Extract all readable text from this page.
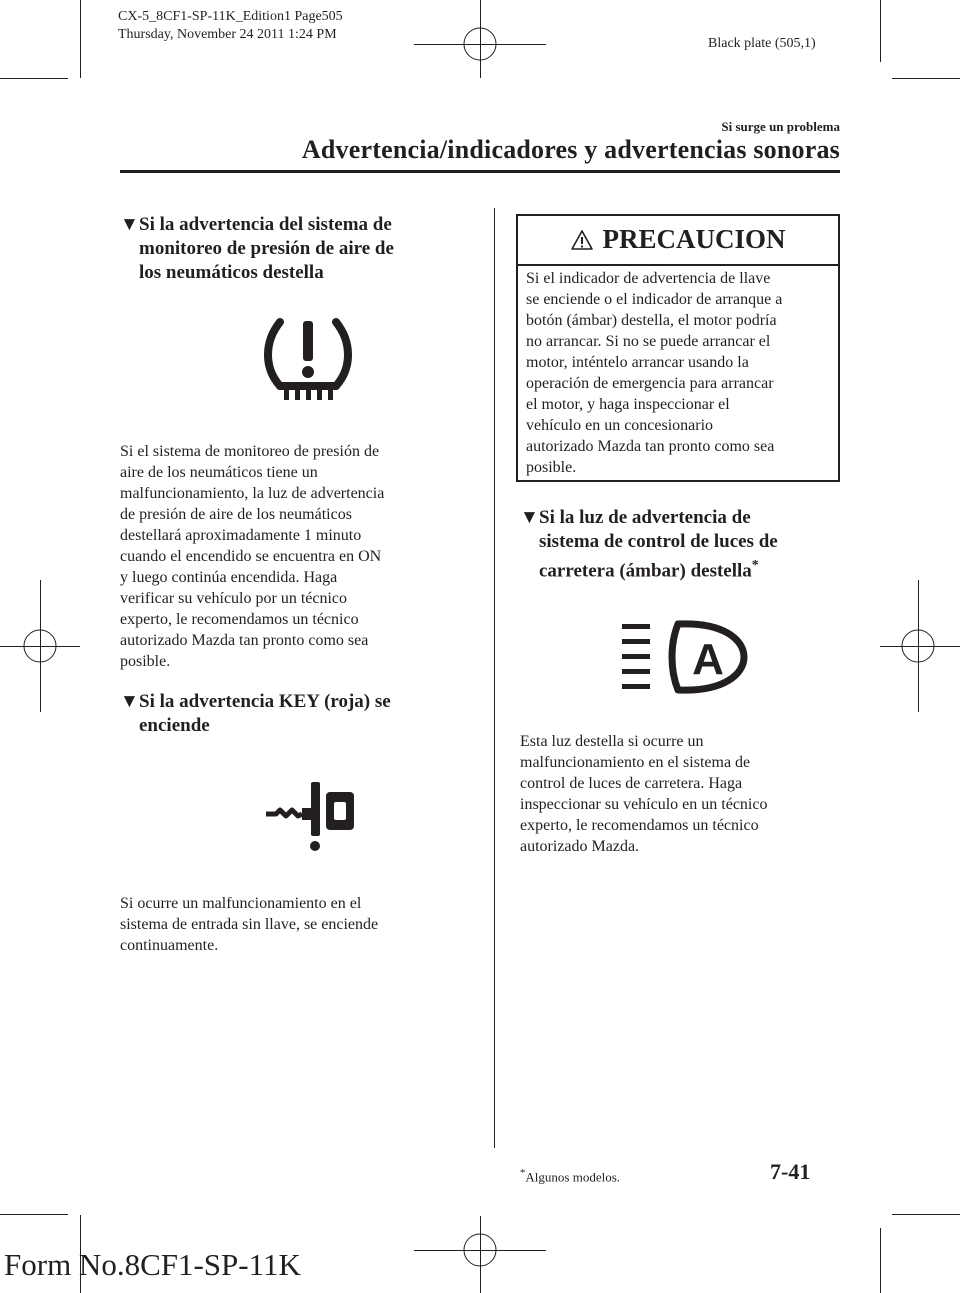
CX-5_8CF1-SP-11K_Edition1 Page505
Thursday, November 24 2011 1:24 PM
Black plate (505,1)
Si surge un problema
Advertencia/indicadores y advertencias sonoras
▼ Si la advertencia del sistema de
monitoreo de presión de aire de
los neumáticos destella
Si el sistema de monitoreo de presión de
aire de los neumáticos tiene un
malfuncionamiento, la luz de advertencia
de presión de aire de los neumáticos
destellará aproximadamente 1 minuto
cuando el encendido se encuentra en ON
y luego continúa encendida. Haga
verificar su vehículo por un técnico
experto, le recomendamos un técnico
autorizado Mazda tan pronto como sea
posible.
▼ Si la advertencia KEY (roja) se
enciende
Si ocurre un malfuncionamiento en el
sistema de entrada sin llave, se enciende
continuamente.
PRECAUCION
Si el indicador de advertencia de llave
se enciende o el indicador de arranque a
botón (ámbar) destella, el motor podría
no arrancar. Si no se puede arrancar el
motor, inténtelo arrancar usando la
operación de emergencia para arrancar
el motor, y haga inspeccionar el
vehículo en un concesionario
autorizado Mazda tan pronto como sea
posible.
▼ Si la luz de advertencia de
sistema de control de luces de
carretera (ámbar) destella*
A
Esta luz destella si ocurre un
malfuncionamiento en el sistema de
control de luces de carretera. Haga
inspeccionar su vehículo en un técnico
experto, le recomendamos un técnico
autorizado Mazda.
*Algunos modelos.	7-41
Form No.8CF1-SP-11K	carmanualsonline.info
